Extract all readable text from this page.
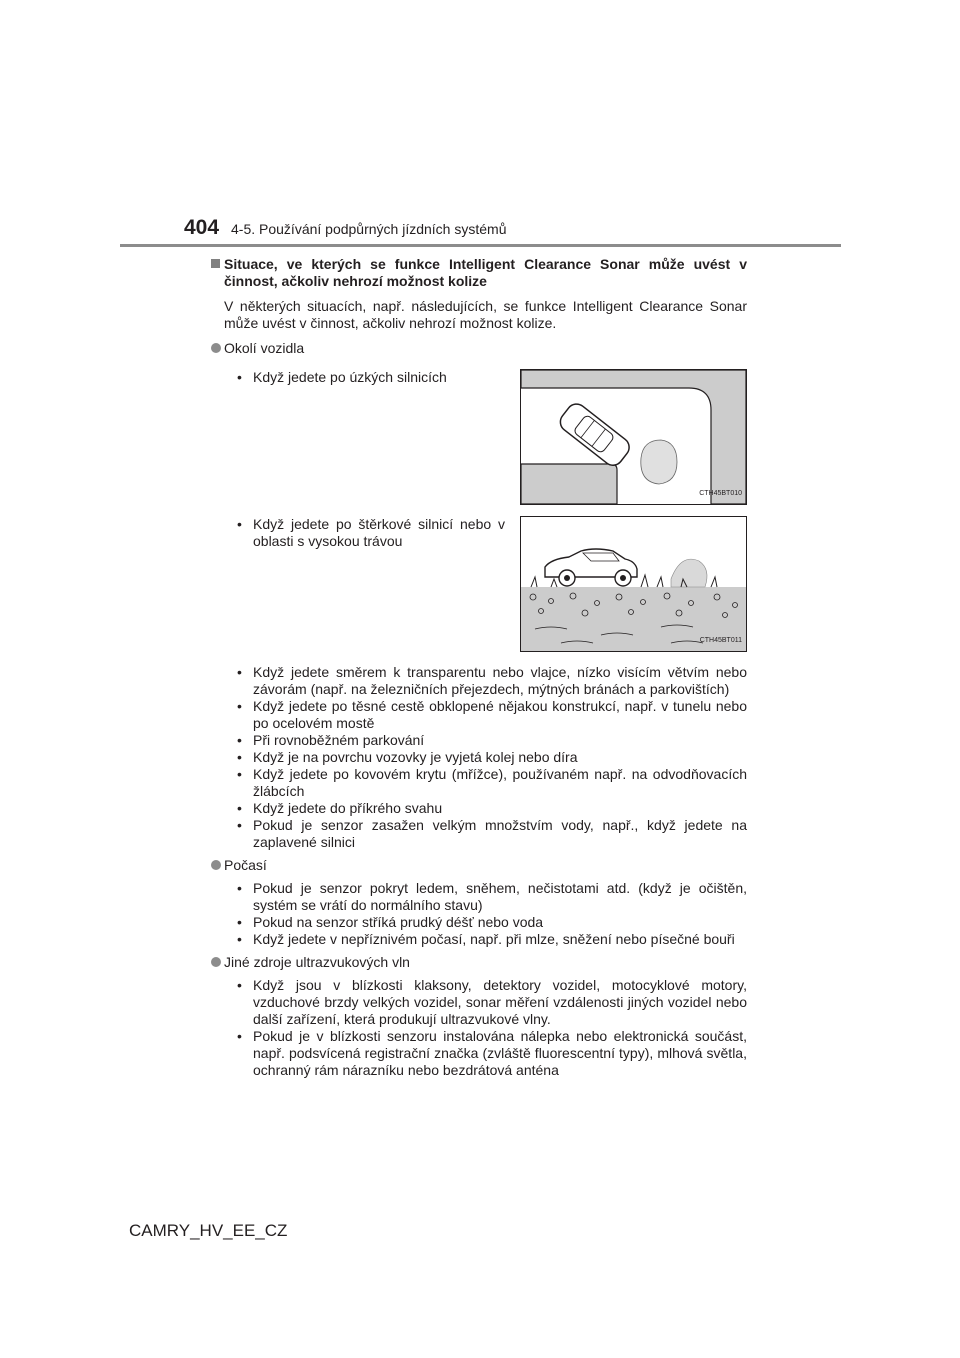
404 4-5. Používání podpůrných jízdních systémů
Situace, ve kterých se funkce Intelligent Clearance Sonar může uvést v činnost, ačkoliv nehrozí možnost kolize
V některých situacích, např. následujících, se funkce Intelligent Clearance Sonar může uvést v činnost, ačkoliv nehrozí možnost kolize.
Okolí vozidla
• Když jedete po úzkých silnicích
CTH45BT010
• Když jedete po štěrkové silnicí nebo v oblasti s vysokou trávou
CTH45BT011
• Když jedete směrem k transparentu nebo vlajce, nízko visícím větvím nebo závorám (např. na železničních přejezdech, mýtných bránách a parkovištích)
• Když jedete po těsné cestě obklopené nějakou konstrukcí, např. v tunelu nebo po ocelovém mostě
• Při rovnoběžném parkování
• Když je na povrchu vozovky je vyjetá kolej nebo díra
• Když jedete po kovovém krytu (mřížce), používaném např. na odvodňovacích žlábcích
• Když jedete do příkrého svahu
• Pokud je senzor zasažen velkým množstvím vody, např., když jedete na zaplavené silnici
Počasí
• Pokud je senzor pokryt ledem, sněhem, nečistotami atd. (když je očištěn, systém se vrátí do normálního stavu)
• Pokud na senzor stříká prudký déšť nebo voda
• Když jedete v nepříznivém počasí, např. při mlze, sněžení nebo písečné bouři
Jiné zdroje ultrazvukových vln
• Když jsou v blízkosti klaksony, detektory vozidel, motocyklové motory, vzduchové brzdy velkých vozidel, sonar měření vzdálenosti jiných vozidel nebo další zařízení, která produkují ultrazvukové vlny.
• Pokud je v blízkosti senzoru instalována nálepka nebo elektronická součást, např. podsvícená registrační značka (zvláště fluorescentní typy), mlhová světla, ochranný rám nárazníku nebo bezdrátová anténa
CAMRY_HV_EE_CZ
